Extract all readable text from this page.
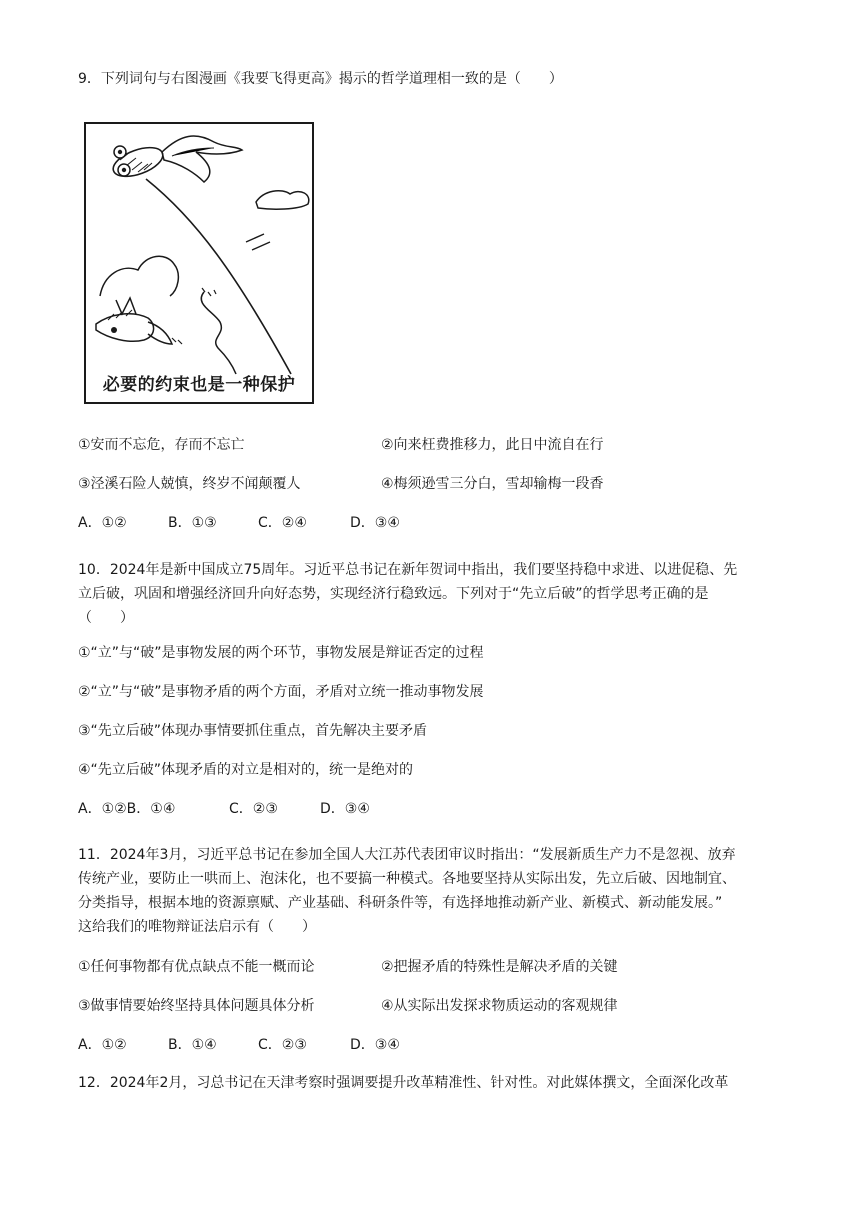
9．下列词句与右图漫画《我要飞得更高》揭示的哲学道理相一致的是（　　）
必要的约束也是一种保护
①安而不忘危，存而不忘亡	②向来枉费推移力，此日中流自在行
③泾溪石险人兢慎，终岁不闻颠覆人	④梅须逊雪三分白，雪却输梅一段香
A．①②	B．①③	C．②④	D．③④
10．2024年是新中国成立75周年。习近平总书记在新年贺词中指出，我们要坚持稳中求进、以进促稳、先
立后破，巩固和增强经济回升向好态势，实现经济行稳致远。下列对于“先立后破”的哲学思考正确的是
（　　）
①“立”与“破”是事物发展的两个环节，事物发展是辩证否定的过程
②“立”与“破”是事物矛盾的两个方面，矛盾对立统一推动事物发展
③“先立后破”体现办事情要抓住重点，首先解决主要矛盾
④“先立后破”体现矛盾的对立是相对的，统一是绝对的
A．①②B．①④	C．②③	D．③④
11．2024年3月，习近平总书记在参加全国人大江苏代表团审议时指出：“发展新质生产力不是忽视、放弃
传统产业，要防止一哄而上、泡沫化，也不要搞一种模式。各地要坚持从实际出发，先立后破、因地制宜、
分类指导，根据本地的资源禀赋、产业基础、科研条件等，有选择地推动新产业、新模式、新动能发展。”
这给我们的唯物辩证法启示有（　　）
①任何事物都有优点缺点不能一概而论	②把握矛盾的特殊性是解决矛盾的关键
③做事情要始终坚持具体问题具体分析	④从实际出发探求物质运动的客观规律
A．①②	B．①④	C．②③	D．③④
12．2024年2月，习总书记在天津考察时强调要提升改革精准性、针对性。对此媒体撰文，全面深化改革
